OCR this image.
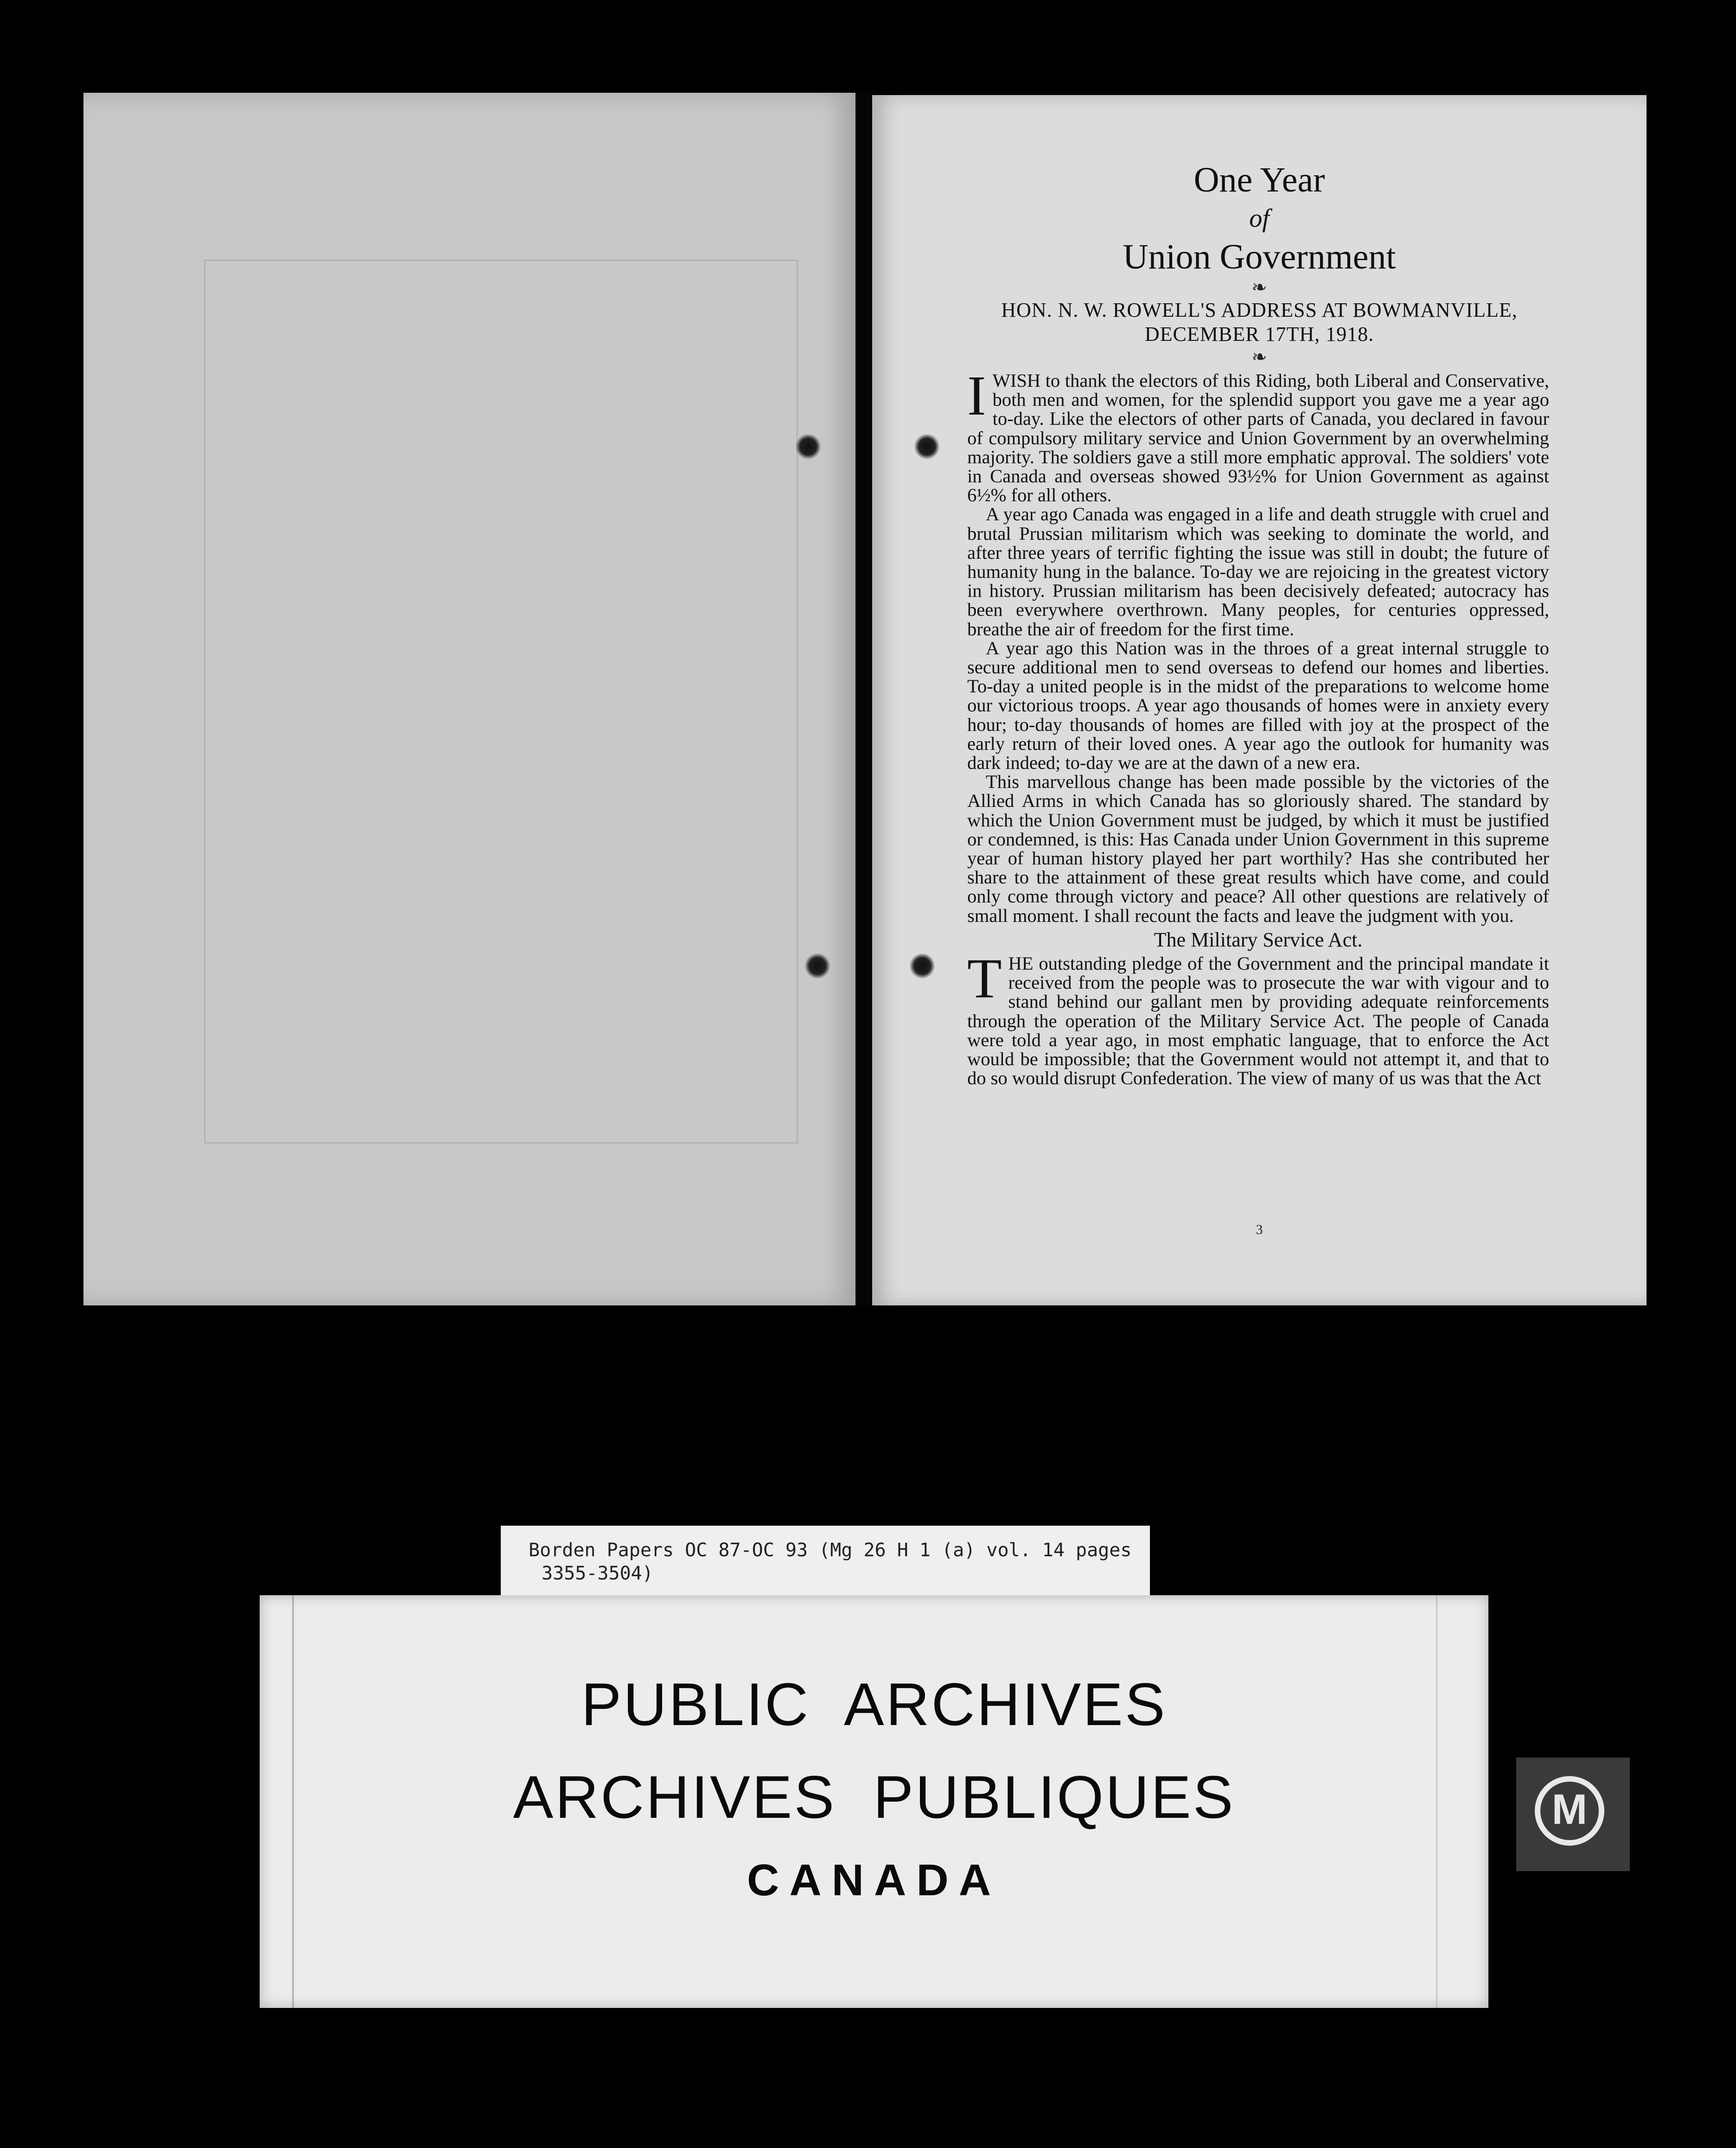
One Year
of
Union Government
❧
HON. N. W. ROWELL'S ADDRESS AT BOWMANVILLE,
DECEMBER 17TH, 1918.
❧

IWISH to thank the electors of this Riding, both Liberal and Conservative, both men and women, for the splendid support you gave me a year ago to-day. Like the electors of other parts of Canada, you declared in favour of compulsory military service and Union Government by an overwhelming majority. The soldiers gave a still more emphatic approval. The soldiers' vote in Canada and overseas showed 93½% for Union Government as against 6½% for all others.

A year ago Canada was engaged in a life and death struggle with cruel and brutal Prussian militarism which was seeking to dominate the world, and after three years of terrific fighting the issue was still in doubt; the future of humanity hung in the balance. To-day we are rejoicing in the greatest victory in history. Prussian militarism has been decisively defeated; autocracy has been everywhere overthrown. Many peoples, for centuries oppressed, breathe the air of freedom for the first time.

A year ago this Nation was in the throes of a great internal struggle to secure additional men to send overseas to defend our homes and liberties. To-day a united people is in the midst of the preparations to welcome home our victorious troops. A year ago thousands of homes were in anxiety every hour; to-day thousands of homes are filled with joy at the prospect of the early return of their loved ones. A year ago the outlook for humanity was dark indeed; to-day we are at the dawn of a new era.

This marvellous change has been made possible by the victories of the Allied Arms in which Canada has so gloriously shared. The standard by which the Union Government must be judged, by which it must be justified or condemned, is this: Has Canada under Union Government in this supreme year of human history played her part worthily? Has she contributed her share to the attainment of these great results which have come, and could only come through victory and peace? All other questions are relatively of small moment. I shall recount the facts and leave the judgment with you.

The Military Service Act.

THE outstanding pledge of the Government and the principal mandate it received from the people was to prosecute the war with vigour and to stand behind our gallant men by providing adequate reinforcements through the operation of the Military Service Act. The people of Canada were told a year ago, in most emphatic language, that to enforce the Act would be impossible; that the Government would not attempt it, and that to do so would disrupt Confederation. The view of many of us was that the Act

3
Borden Papers OC 87-OC 93 (Mg 26 H 1 (a) vol. 14 pages
3355-3504)
PUBLIC ARCHIVES
ARCHIVES PUBLIQUES
CANADA
M
